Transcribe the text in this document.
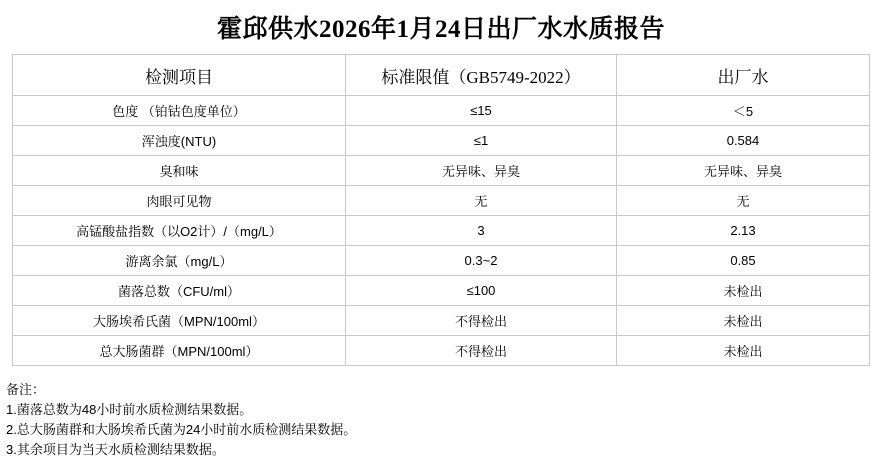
霍邱供水2026年1月24日出厂水水质报告
检测项目	标准限值（GB5749-2022）	出厂水
色度 （铂钴色度单位）	≤15	＜5
浑浊度(NTU)	≤1	0.584
臭和味	无异味、异臭	无异味、异臭
肉眼可见物	无	无
高锰酸盐指数（以O2计）/（mg/L）	3	2.13
游离余氯（mg/L）	0.3~2	0.85
菌落总数（CFU/ml）	≤100	未检出
大肠埃希氏菌（MPN/100ml）	不得检出	未检出
总大肠菌群（MPN/100ml）	不得检出	未检出
备注：
1.菌落总数为48小时前水质检测结果数据。
2.总大肠菌群和大肠埃希氏菌为24小时前水质检测结果数据。
3.其余项目为当天水质检测结果数据。
